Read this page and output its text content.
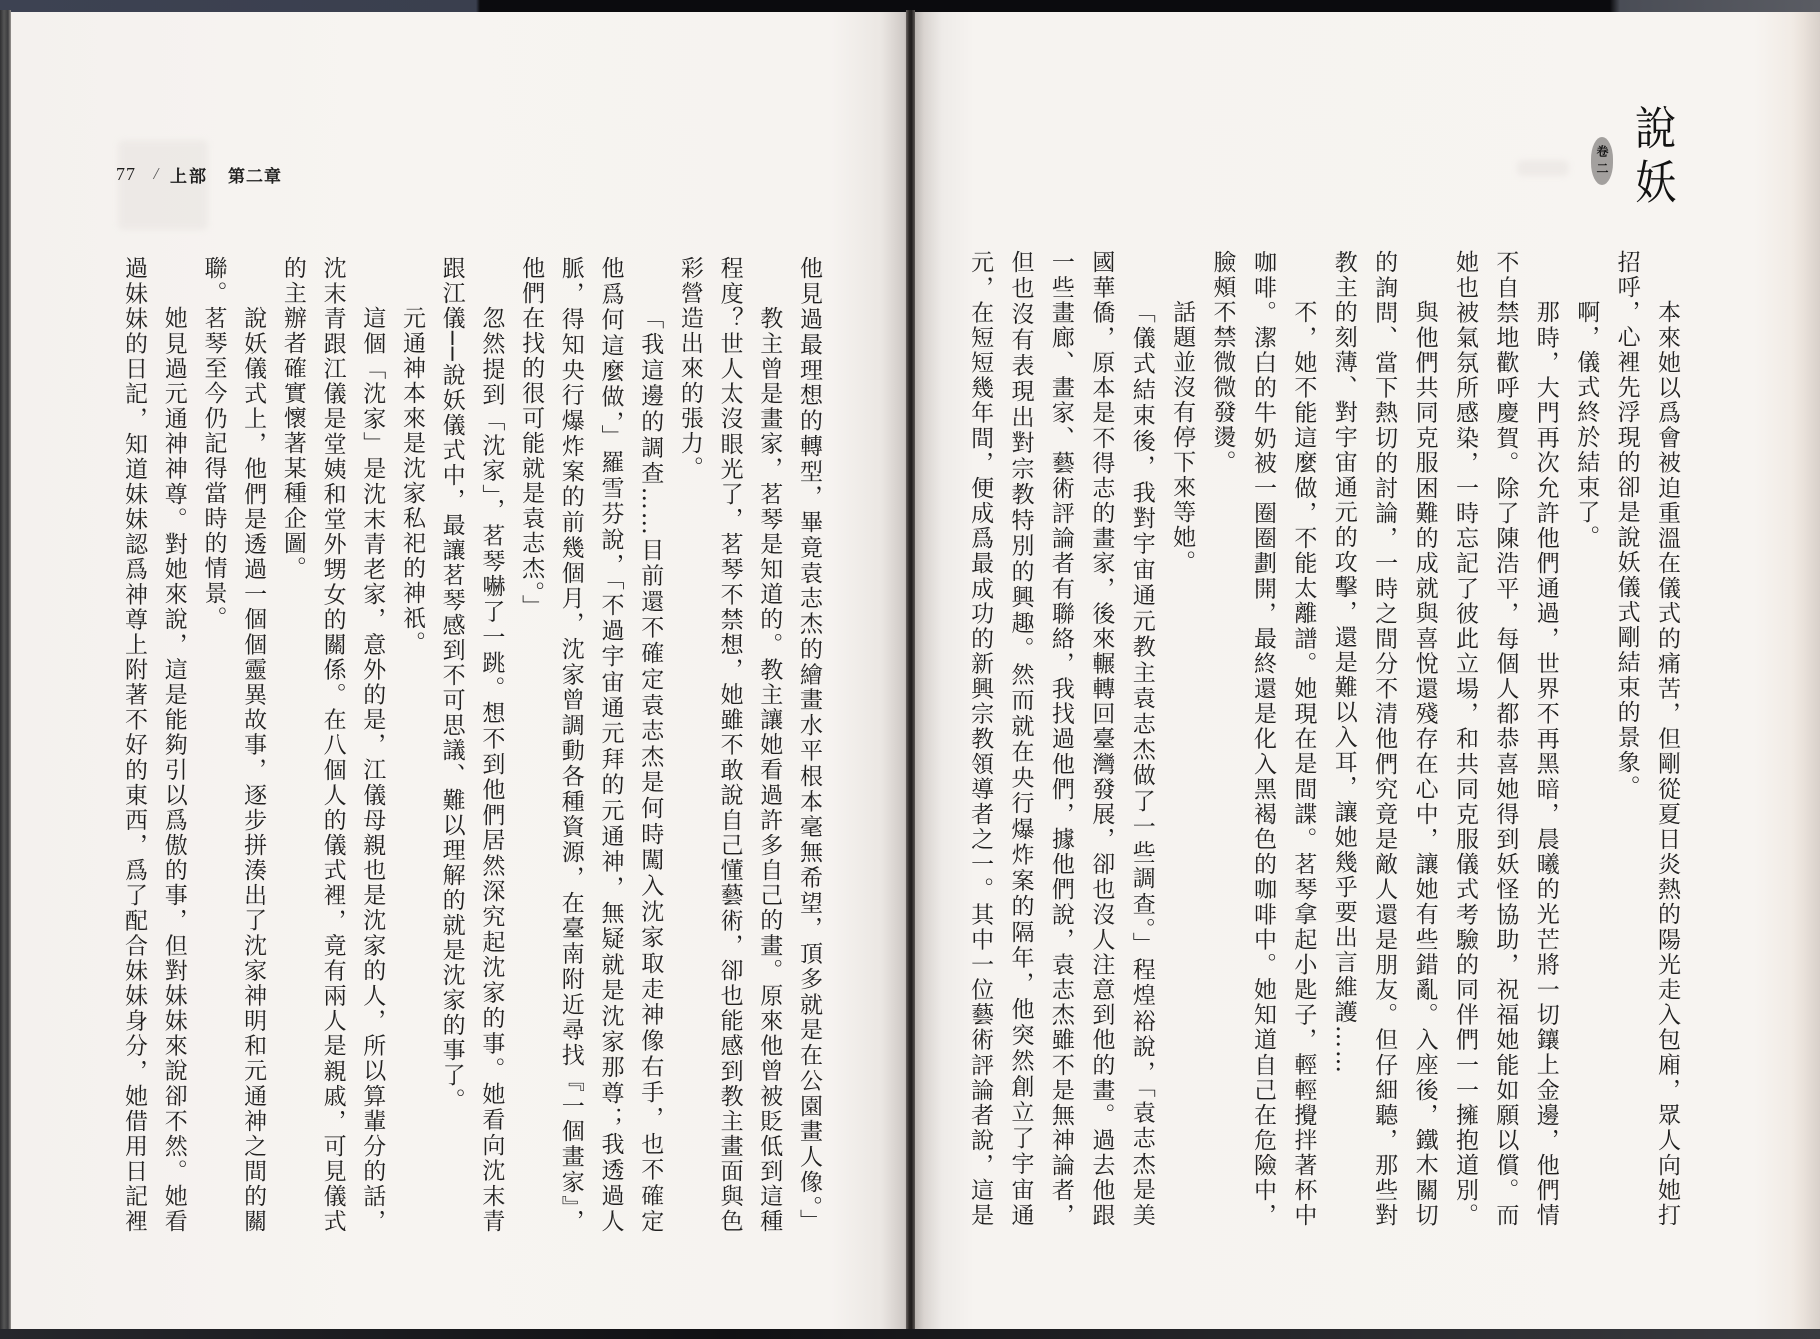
77	/ 上部	第二章
他見過最理想的轉型，畢竟袁志杰的繪畫水平根本毫無希望，頂多就是在公園畫人像。」
教主曾是畫家，茗琴是知道的。教主讓她看過許多自己的畫。原來他曾被貶低到這種
程度？世人太沒眼光了，茗琴不禁想，她雖不敢說自己懂藝術，卻也能感到教主畫面與色
彩營造出來的張力。
「我這邊的調查……目前還不確定袁志杰是何時闖入沈家取走神像右手，也不確定
他爲何這麼做，」羅雪芬說，「不過宇宙通元拜的元通神，無疑就是沈家那尊；我透過人
脈，得知央行爆炸案的前幾個月，沈家曾調動各種資源，在臺南附近尋找『一個畫家』，
他們在找的很可能就是袁志杰。」
忽然提到「沈家」，茗琴嚇了一跳。想不到他們居然深究起沈家的事。她看向沈末青
跟江儀──說妖儀式中，最讓茗琴感到不可思議、難以理解的就是沈家的事了。
元通神本來是沈家私祀的神祇。
這個「沈家」是沈末青老家，意外的是，江儀母親也是沈家的人，所以算輩分的話，
沈末青跟江儀是堂姨和堂外甥女的關係。在八個人的儀式裡，竟有兩人是親戚，可見儀式
的主辦者確實懷著某種企圖。
說妖儀式上，他們是透過一個個靈異故事，逐步拼湊出了沈家神明和元通神之間的關
聯。茗琴至今仍記得當時的情景。
她見過元通神神尊。對她來說，這是能夠引以爲傲的事，但對妹妹來說卻不然。她看
過妹妹的日記，知道妹妹認爲神尊上附著不好的東西，爲了配合妹妹身分，她借用日記裡
卷二
說妖
本來她以爲會被迫重溫在儀式的痛苦，但剛從夏日炎熱的陽光走入包廂，眾人向她打
招呼，心裡先浮現的卻是說妖儀式剛結束的景象。
啊，儀式終於結束了。
那時，大門再次允許他們通過，世界不再黑暗，晨曦的光芒將一切鑲上金邊，他們情
不自禁地歡呼慶賀。除了陳浩平，每個人都恭喜她得到妖怪協助，祝福她能如願以償。而
她也被氣氛所感染，一時忘記了彼此立場，和共同克服儀式考驗的同伴們一一擁抱道別。
與他們共同克服困難的成就與喜悅還殘存在心中，讓她有些錯亂。入座後，鐵木關切
的詢問、當下熱切的討論，一時之間分不清他們究竟是敵人還是朋友。但仔細聽，那些對
教主的刻薄、對宇宙通元的攻擊，還是難以入耳，讓她幾乎要出言維護……
不，她不能這麼做，不能太離譜。她現在是間諜。茗琴拿起小匙子，輕輕攪拌著杯中
咖啡。潔白的牛奶被一圈圈劃開，最終還是化入黑褐色的咖啡中。她知道自己在危險中，
臉頰不禁微微發燙。
話題並沒有停下來等她。
「儀式結束後，我對宇宙通元教主袁志杰做了一些調查。」程煌裕說，「袁志杰是美
國華僑，原本是不得志的畫家，後來輾轉回臺灣發展，卻也沒人注意到他的畫。過去他跟
一些畫廊、畫家、藝術評論者有聯絡，我找過他們，據他們說，袁志杰雖不是無神論者，
但也沒有表現出對宗教特別的興趣。然而就在央行爆炸案的隔年，他突然創立了宇宙通
元，在短短幾年間，便成爲最成功的新興宗教領導者之一。其中一位藝術評論者說，這是
